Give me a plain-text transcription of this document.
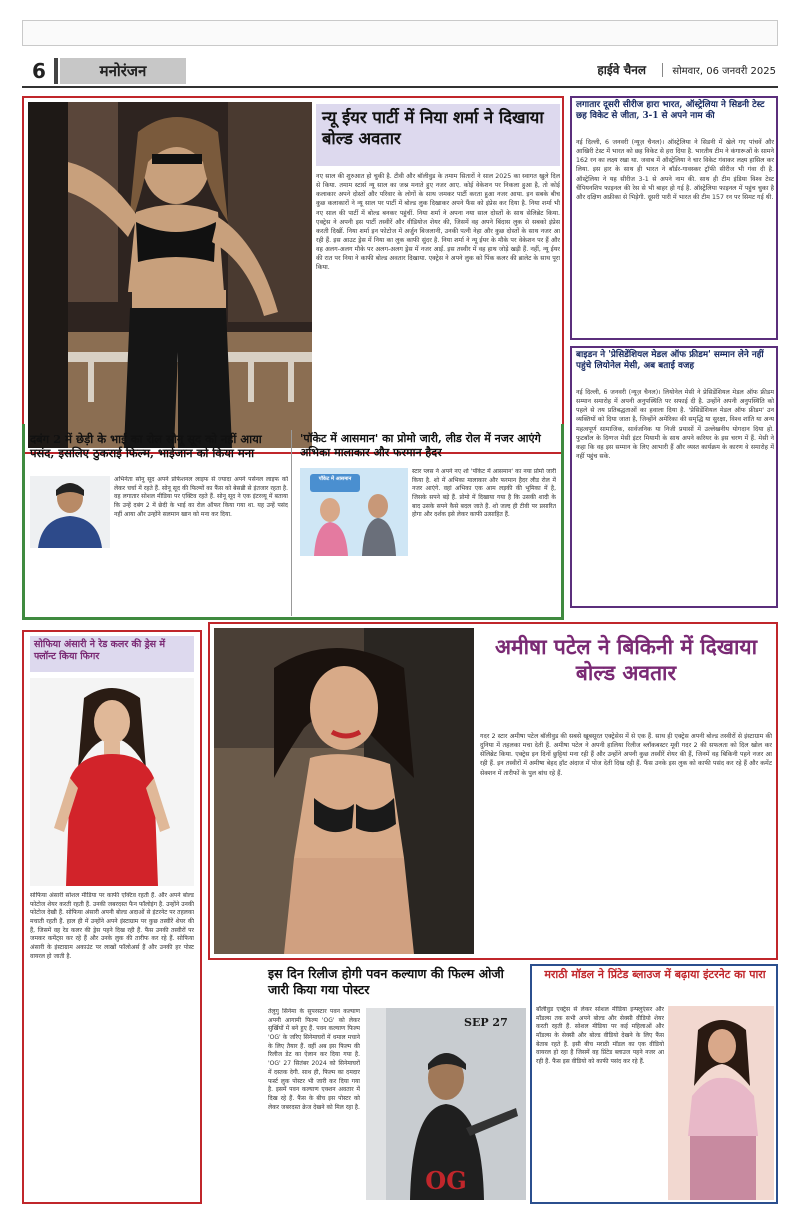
6	मनोरंजन	हाईवे चैनल	सोमवार, 06 जनवरी 2025
न्यू ईयर पार्टी में निया शर्मा ने दिखाया बोल्ड अवतार
नए साल की शुरुआत हो चुकी है. टीवी और बॉलीवुड के तमाम सितारों ने साल 2025 का स्वागत खुले दिल से किया. तमाम स्टार्स न्यू साल का जश्न मनाते हुए नजर आए. कोई वेकेशन पर निकला हुआ है, तो कोई कलाकार अपने दोस्तों और परिवार के लोगों के साथ जमकर पार्टी करता हुआ नजर आया. इन सबके बीच कुछ कलाकारों ने न्यू साल पर पार्टी में बोल्ड लुक दिखाकर अपने फैंस को इंप्रेस कर दिया है. निया शर्मा भी नए साल की पार्टी में बोल्ड बनकर पहुंचीं. निया शर्मा ने अपना नया साल दोस्तों के साथ सेलिब्रेट किया. एक्ट्रेस ने अपनी इस पार्टी तस्वीरें और वीडियोज शेयर की, जिसमें वह अपने बिंदास लुक से सबको इंप्रेस करती दिखीं. निया शर्मा इन फोटोज में अर्जुन बिजलानी, उनकी पत्नी नेहा और कुछ दोस्तों के साथ नजर आ रही हैं. इस आउट ड्रेस में निया का लुक काफी सुंदर है. निया शर्मा ने न्यू ईयर के मौके पर वेकेशन पर हैं और वह अलग-अलग मौके पर अलग-अलग ड्रेस में नजर आईं. इस तस्वीर में वह हाथ जोड़े खड़ी हैं. नहीं, न्यू ईयर की रात पर निया ने काफी बोल्ड अवतार दिखाया. एक्ट्रेस ने अपने लुक को पिंक कलर की ब्रालेट के साथ पूरा किया.
लगातार दूसरी सीरीज हारा भारत, ऑस्ट्रेलिया ने सिडनी टेस्ट छह विकेट से जीता, 3-1 से अपने नाम की
नई दिल्ली, 6 जनवरी (न्यूज़ चैनल)। ऑस्ट्रेलिया ने सिडनी में खेले गए पांचवें और आखिरी टेस्ट में भारत को छह विकेट से हरा दिया है. भारतीय टीम ने कंगारूओं के सामने 162 रन का लक्ष्य रखा था. जवाब में ऑस्ट्रेलिया ने चार विकेट गंवाकर लक्ष्य हासिल कर लिया. इस हार के साथ ही भारत ने बॉर्डर-गावस्कर ट्रॉफी सीरीज भी गंवा दी है. ऑस्ट्रेलिया ने यह सीरीज 3-1 से अपने नाम की. साथ ही टीम इंडिया विश्व टेस्ट चैंपियनशिप फाइनल की रेस से भी बाहर हो गई है. ऑस्ट्रेलिया फाइनल में पहुंच चुका है और दक्षिण अफ्रीका से भिड़ेगी. दूसरी पारी में भारत की टीम 157 रन पर सिमट गई थी.
बाइडन ने 'प्रेसिडेंशियल मेडल ऑफ फ्रीडम' सम्मान लेने नहीं पहुंचे लियोनेल मेसी, अब बताई वजह
नई दिल्ली, 6 जनवरी (न्यूज़ चैनल)। लियोनेल मेसी ने प्रेसिडेंशियल मेडल ऑफ फ्रीडम सम्मान समारोह में अपनी अनुपस्थिति पर सफाई दी है. उन्होंने अपनी अनुपस्थिति को पहले से तय प्रतिबद्धताओं का हवाला दिया है. 'प्रेसिडेंशियल मेडल ऑफ फ्रीडम' उन व्यक्तियों को दिया जाता है, जिन्होंने अमेरिका की समृद्धि या सुरक्षा, विश्व शांति या अन्य महत्वपूर्ण सामाजिक, सार्वजनिक या निजी प्रयासों में उल्लेखनीय योगदान दिया हो. फुटबॉल के दिग्गज मेसी इंटर मियामी के साथ अपने करियर के इस चरण में हैं. मेसी ने कहा कि वह इस सम्मान के लिए आभारी हैं और व्यस्त कार्यक्रम के कारण वे समारोह में नहीं पहुंच सके.
दबंग 2 में छेड़ी के भाई का रोल सोनू सूद को नहीं आया पसंद, इसलिए ठुकराई फिल्म, भाईजान को किया मना
अभिनेता सोनू सूद अपने प्रोफेशनल लाइफ से ज्यादा अपने पर्सनल लाइफ को लेकर चर्चा में रहते हैं. सोनू सूद की फिल्मों का फैंस को बेसब्री से इंतजार रहता है. वह लगातार सोशल मीडिया पर एक्टिव रहते हैं. सोनू सूद ने एक इंटरव्यू में बताया कि उन्हें दबंग 2 में छेदी के भाई का रोल ऑफर किया गया था. यह उन्हें पसंद नहीं आया और उन्होंने सलमान खान को मना कर दिया.
'पॉकेट में आसमान' का प्रोमो जारी, लीड रोल में नजर आएंगे अभिका मालाकार और फरमान हैदर
पॉकेट में आसमान
स्टार प्लस ने अपने नए शो 'पॉकेट में आसमान' का नया प्रोमो जारी किया है. शो में अभिका मालाकार और फरमान हैदर लीड रोल में नजर आएंगे. वहां अभिका एक आम लड़की की भूमिका में है, जिसके सपने बड़े हैं. प्रोमो में दिखाया गया है कि उसकी शादी के बाद उसके सपने कैसे बदल जाते हैं. शो जल्द ही टीवी पर प्रसारित होगा और दर्शक इसे लेकर काफी उत्साहित हैं.
सोफिया अंसारी ने रेड कलर की ड्रेस में फ्लॉन्ट किया फिगर
सोफिया अंसारी सोशल मीडिया पर काफी एक्टिव रहती हैं. और अपने बोल्ड फोटोज शेयर करती रहती हैं. उनकी जबरदस्त फैन फॉलोइंग है. उन्होंने उनकी फोटोज देखी हैं. सोफिया अंसारी अपनी बोल्ड अदाओं से इंटरनेट पर तहलका मचाती रहती हैं. हाल ही में उन्होंने अपने इंस्टाग्राम पर कुछ तस्वीरें शेयर की हैं, जिसमें वह रेड कलर की ड्रेस पहने दिख रही हैं. फैंस उनकी तस्वीरों पर जमकर कमेंट्स कर रहे हैं और उनके लुक की तारीफ कर रहे हैं. सोफिया अंसारी के इंस्टाग्राम अकाउंट पर लाखों फॉलोअर्स हैं और उनकी हर पोस्ट वायरल हो जाती है.
अमीषा पटेल ने बिकिनी में दिखाया बोल्ड अवतार
गदर 2 स्टार अमीषा पटेल बॉलीवुड की सबसे खूबसूरत एक्ट्रेसेस में से एक हैं. साथ ही एक्ट्रेस अपनी बोल्ड तस्वीरों से इंस्टाग्राम की दुनिया में तहलका मचा देती हैं. अमीषा पटेल ने अपनी हालिया रिलीज ब्लॉकबस्टर मूवी गदर 2 की सफलता को दिल खोल कर सेलिब्रेट किया. एक्ट्रेस इन दिनों छुट्टियां मना रही हैं और उन्होंने अपनी कुछ तस्वीरें शेयर की हैं, जिनमें वह बिकिनी पहने नजर आ रही हैं. इन तस्वीरों में अमीषा बेहद हॉट अंदाज में पोज देती दिख रही हैं. फैंस उनके इस लुक को काफी पसंद कर रहे हैं और कमेंट सेक्शन में तारीफों के पुल बांध रहे हैं.
इस दिन रिलीज होगी पवन कल्याण की फिल्म ओजी जारी किया गया पोस्टर
तेलुगु सिनेमा के सुपरस्टार पवन कल्याण अपनी आगामी फिल्म 'OG' को लेकर सुर्खियों में बने हुए हैं. पवन कल्याण फिल्म 'OG' के जरिए सिनेमाघरों में धमाल मचाने के लिए तैयार हैं. वहीं अब इस फिल्म की रिलीज डेट का ऐलान कर दिया गया है. 'OG' 27 सितंबर 2024 को सिनेमाघरों में दस्तक देगी. साथ ही, फिल्म का दमदार फर्स्ट लुक पोस्टर भी जारी कर दिया गया है. इसमें पवन कल्याण एक्शन अवतार में दिख रहे हैं. फैंस के बीच इस पोस्टर को लेकर जबरदस्त क्रेज देखने को मिल रहा है.
SEP 27
OG
मराठी मॉडल ने प्रिंटेड ब्लाउज में बढ़ाया इंटरनेट का पारा
बॉलीवुड एक्ट्रेस से लेकर सोशल मीडिया इन्फ्लुएंसर और मॉडल्स तक सभी अपने बोल्ड और सेक्सी वीडियो शेयर करती रहती हैं. सोशल मीडिया पर कई महिलाओं और मॉडल्स के सेक्सी और बोल्ड वीडियो देखने के लिए फैंस बेताब रहते हैं. इसी बीच मराठी मॉडल का एक वीडियो वायरल हो रहा है जिसमें वह प्रिंटेड ब्लाउज पहने नजर आ रही हैं. फैंस इस वीडियो को काफी पसंद कर रहे हैं.
